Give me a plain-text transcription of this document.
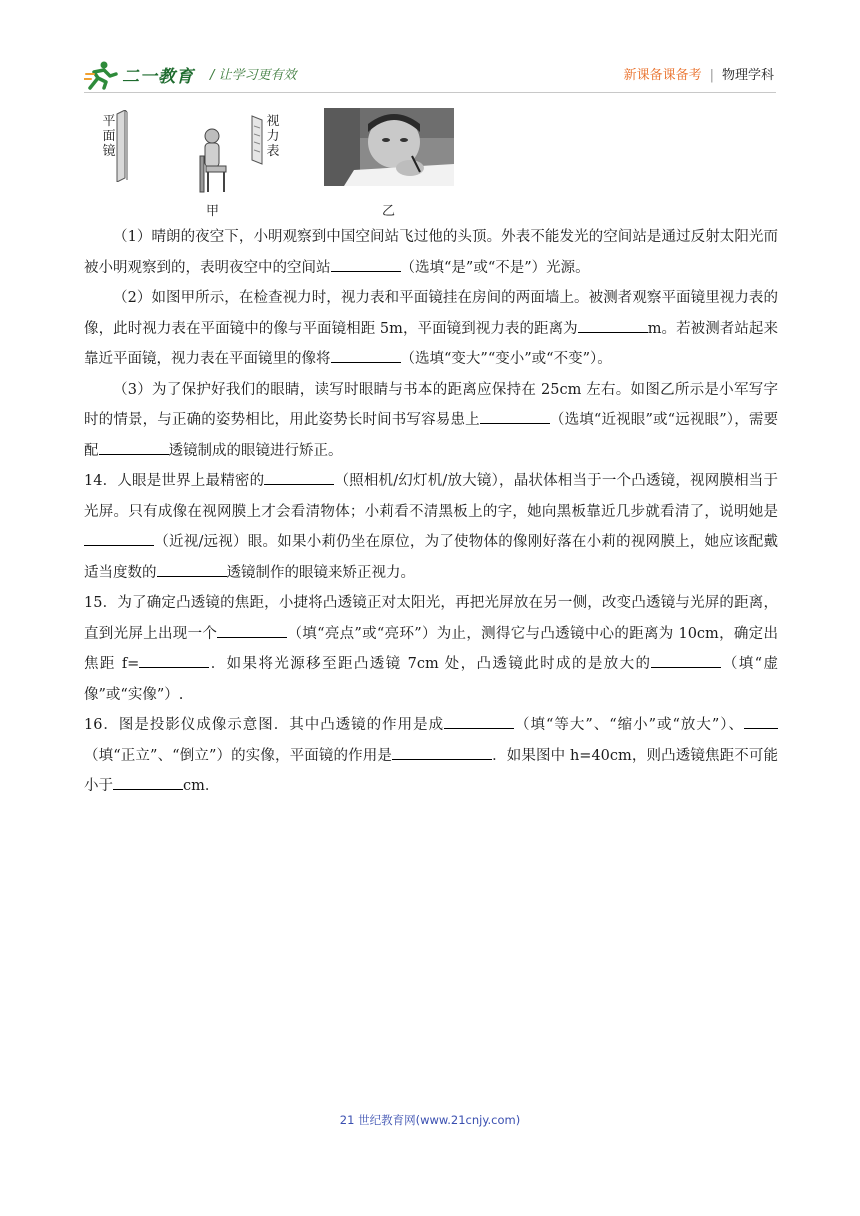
二一教育 / 让学习更有效	新课备课备考 | 物理学科
平面镜
视力表
甲	乙

（1）晴朗的夜空下，小明观察到中国空间站飞过他的头顶。外表不能发光的空间站是通过反射太阳光而被小明观察到的，表明夜空中的空间站	（选填“是”或“不是”）光源。

（2）如图甲所示，在检查视力时，视力表和平面镜挂在房间的两面墙上。被测者观察平面镜里视力表的像，此时视力表在平面镜中的像与平面镜相距 5m，平面镜到视力表的距离为	m。若被测者站起来靠近平面镜，视力表在平面镜里的像将	（选填“变大”“变小”或“不变”）。

（3）为了保护好我们的眼睛，读写时眼睛与书本的距离应保持在 25cm 左右。如图乙所示是小军写字时的情景，与正确的姿势相比，用此姿势长时间书写容易患上	（选填“近视眼”或“远视眼”），需要配	透镜制成的眼镜进行矫正。

14．人眼是世界上最精密的	（照相机/幻灯机/放大镜），晶状体相当于一个凸透镜，视网膜相当于光屏。只有成像在视网膜上才会看清物体；小莉看不清黑板上的字，她向黑板靠近几步就看清了，说明她是（近视/远视）眼。如果小莉仍坐在原位，为了使物体的像刚好落在小莉的视网膜上，她应该配戴适当度数的	透镜制作的眼镜来矫正视力。

15．为了确定凸透镜的焦距，小捷将凸透镜正对太阳光，再把光屏放在另一侧，改变凸透镜与光屏的距离，直到光屏上出现一个	（填“亮点”或“亮环”）为止，测得它与凸透镜中心的距离为 10cm，确定出焦距 f=	．如果将光源移至距凸透镜 7cm 处，凸透镜此时成的是放大的	（填“虚像”或“实像”）.

16．图是投影仪成像示意图．其中凸透镜的作用是成	（填“等大”、“缩小”或“放大”）、（填“正立”、“倒立”）的实像，平面镜的作用是	．如果图中 h=40cm，则凸透镜焦距不可能小于	cm．

21 世纪教育网(www.21cnjy.com)
